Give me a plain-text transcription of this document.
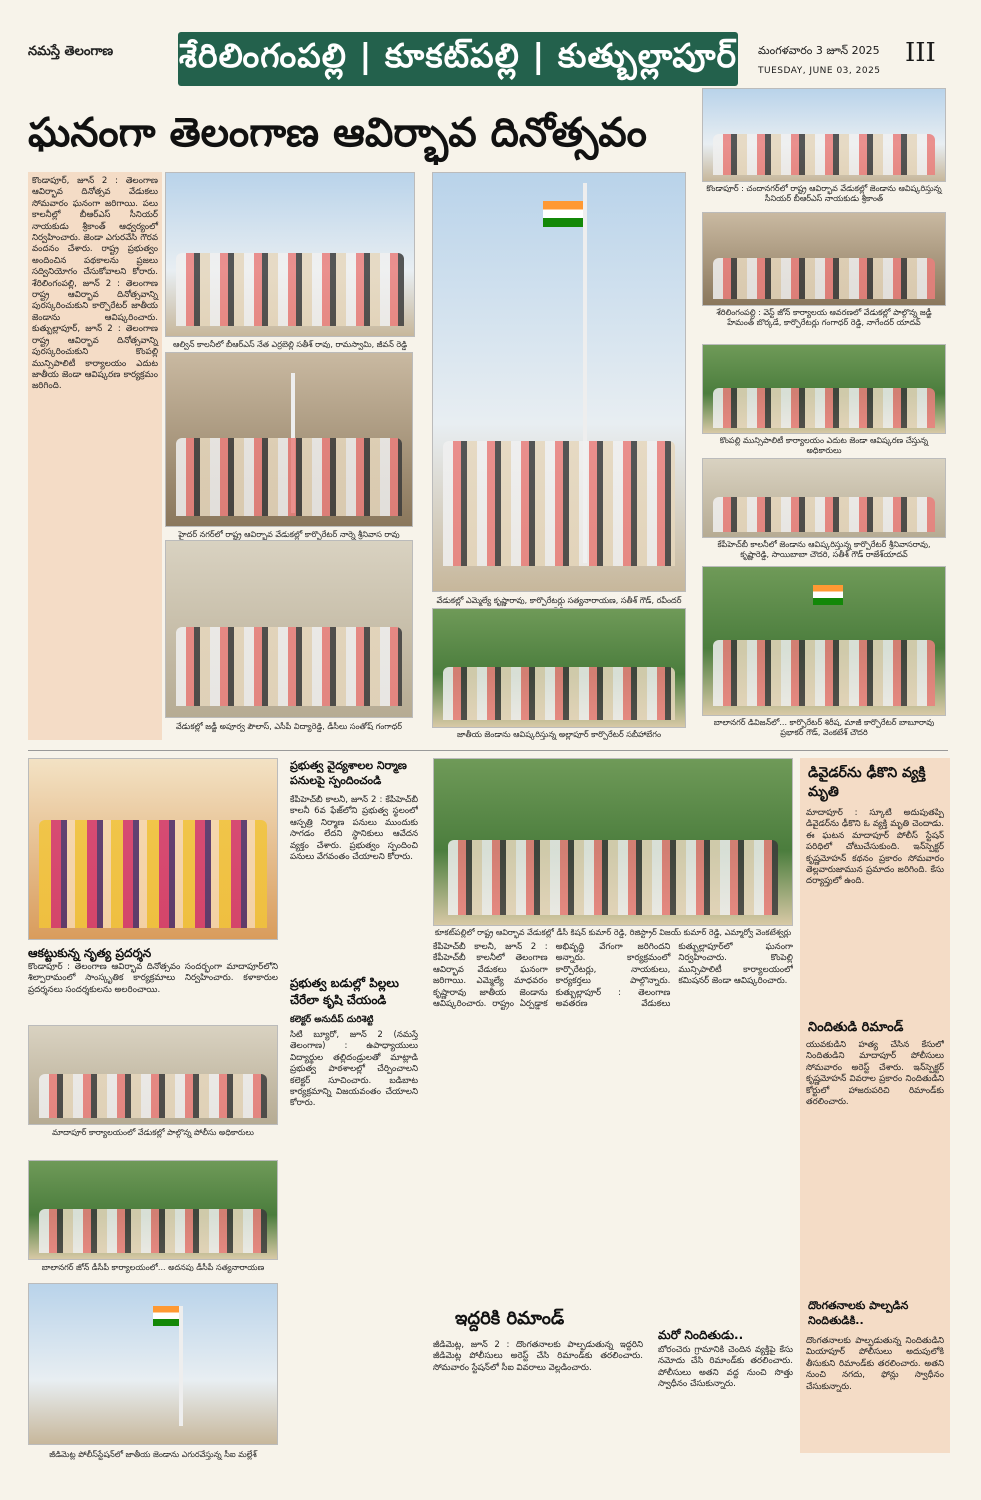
నమస్తే తెలంగాణ శేరిలింగంపల్లి | కూకట్‌పల్లి | కుత్బుల్లాపూర్ మంగళవారం 3 జూన్ 2025
TUESDAY, JUNE 03, 2025
III
ఘనంగా తెలంగాణ ఆవిర్భావ దినోత్సవం
కొండాపూర్, జూన్ 2 : తెలంగాణ ఆవిర్భావ దినోత్సవ వేడుకలు సోమవారం ఘనంగా జరిగాయి. పలు కాలనీల్లో బీఆర్‌ఎస్ సీనియర్ నాయకుడు శ్రీకాంత్ ఆధ్వర్యంలో నిర్వహించారు. జెండా ఎగురవేసి గౌరవ వందనం చేశారు. రాష్ట్ర ప్రభుత్వం అందించిన పథకాలను ప్రజలు సద్వినియోగం చేసుకోవాలని కోరారు. శేరిలింగంపల్లి, జూన్ 2 : తెలంగాణ రాష్ట్ర ఆవిర్భావ దినోత్సవాన్ని పురస్కరించుకుని కార్పొరేటర్ జాతీయ జెండాను ఆవిష్కరించారు. కుత్బుల్లాపూర్, జూన్ 2 : తెలంగాణ రాష్ట్ర ఆవిర్భావ దినోత్సవాన్ని పురస్కరించుకుని కొంపల్లి మున్సిపాలిటీ కార్యాలయం ఎదుట జాతీయ జెండా ఆవిష్కరణ కార్యక్రమం జరిగింది.
ఆల్విన్ కాలనీలో బీఆర్‌ఎస్ నేత ఎర్రబెల్లి సతీశ్ రావు, రామస్వామి, జీవన్ రెడ్డి
హైదర్ నగర్‌లో రాష్ట్ర ఆవిర్భావ వేడుకల్లో కార్పొరేటర్ నార్నె శ్రీనివాస రావు
వేడుకల్లో జడ్జీ అపూర్వ పౌలాస్, ఎసీపీ విద్యారెడ్డి, డీసీలు సంతోష్ గంగాధర్
వేడుకల్లో ఎమ్మెల్యే కృష్ణారావు, కార్పొరేటర్లు సత్యనారాయణ, సతీశ్ గౌడ్, రవీందర్
జాతీయ జెండాను ఆవిష్కరిస్తున్న అల్లాపూర్ కార్పొరేటర్ సబీహాబేగం
కొండాపూర్ : చందానగర్‌లో రాష్ట్ర ఆవిర్భావ వేడుకల్లో జెండాను ఆవిష్కరిస్తున్న సీనియర్ బీఆర్‌ఎస్ నాయకుడు శ్రీకాంత్
శేరిలింగంపల్లి : వెస్ట్ జోన్ కార్యాలయ ఆవరణలో వేడుకల్లో పాల్గొన్న జడ్జీ హేమంత్ బొర్కడే, కార్పొరేటర్లు గంగాధర్ రెడ్డి, నాగేందర్ యాదవ్
కొంపల్లి మున్సిపాలిటీ కార్యాలయం ఎదుట జెండా ఆవిష్కరణ చేస్తున్న అధికారులు
కేపీహెచ్‌బీ కాలనీలో జెండాను ఆవిష్కరిస్తున్న కార్పొరేటర్ శ్రీనివాసరావు, కృష్ణారెడ్డి, సాయిబాబా చౌదరి, సతీశ్ గౌడ్ రాజేశ్‌యాదవ్
బాలానగర్ డివిజన్‌లో... కార్పొరేటర్ శిరీష, మాజీ కార్పొరేటర్ బాబూరావు ప్రభాకర్ గౌడ్, వెంకటేశ్ చౌదరి
ఆకట్టుకున్న నృత్య ప్రదర్శన
కొండాపూర్ : తెలంగాణ ఆవిర్భావ దినోత్సవం సందర్భంగా మాదాపూర్‌లోని శిల్పారామంలో సాంస్కృతిక కార్యక్రమాలు నిర్వహించారు. కళాకారుల ప్రదర్శనలు సందర్శకులను అలరించాయి.
మాదాపూర్ కార్యాలయంలో వేడుకల్లో పాల్గొన్న పోలీసు అధికారులు
బాలానగర్ జోన్ డీసీపీ కార్యాలయంలో... అదనపు డీసీపీ సత్యనారాయణ
జీడిమెట్ల పోలీస్‌స్టేషన్‌లో జాతీయ జెండాను ఎగురవేస్తున్న సీఐ మల్లేశ్
ప్రభుత్వ వైద్యశాలల నిర్మాణ పనులపై స్పందించండి
కేపీహెచ్‌బీ కాలనీ, జూన్ 2 : కేపీహెచ్‌బీ కాలనీ 6వ ఫేజ్‌లోని ప్రభుత్వ స్థలంలో ఆస్పత్రి నిర్మాణ పనులు ముందుకు సాగడం లేదని స్థానికులు ఆవేదన వ్యక్తం చేశారు. ప్రభుత్వం స్పందించి పనులు వేగవంతం చేయాలని కోరారు.
ప్రభుత్వ బడుల్లో పిల్లలు చేరేలా కృషి చేయండి
కలెక్టర్ అనుదీప్ దురిశెట్టి
సిటీ బ్యూరో, జూన్ 2 (నమస్తే తెలంగాణ) : ఉపాధ్యాయులు విద్యార్థుల తల్లిదండ్రులతో మాట్లాడి ప్రభుత్వ పాఠశాలల్లో చేర్పించాలని కలెక్టర్ సూచించారు. బడిబాట కార్యక్రమాన్ని విజయవంతం చేయాలని కోరారు.
కూకట్‌పల్లిలో రాష్ట్ర ఆవిర్భావ వేడుకల్లో డీసీ కిషన్ కుమార్ రెడ్డి, రిజిస్ట్రార్ విజయ్ కుమార్ రెడ్డి, ఎమ్మార్వో వెంకటేశ్వర్లు
కేపీహెచ్‌బీ కాలనీ, జూన్ 2 : కేపీహెచ్‌బీ కాలనీలో తెలంగాణ ఆవిర్భావ వేడుకలు ఘనంగా జరిగాయి. ఎమ్మెల్యే మాధవరం కృష్ణారావు జాతీయ జెండాను ఆవిష్కరించారు. రాష్ట్రం ఏర్పడ్డాక అభివృద్ధి వేగంగా జరిగిందని అన్నారు. కార్యక్రమంలో కార్పొరేటర్లు, నాయకులు, కార్యకర్తలు పాల్గొన్నారు. కుత్బుల్లాపూర్ : తెలంగాణ అవతరణ వేడుకలు కుత్బుల్లాపూర్‌లో ఘనంగా నిర్వహించారు. కొంపెల్లి మున్సిపాలిటీ కార్యాలయంలో కమిషనర్ జెండా ఆవిష్కరించారు.
ఇద్దరికి రిమాండ్
జీడిమెట్ల, జూన్ 2 : దొంగతనాలకు పాల్పడుతున్న ఇద్దరిని జీడిమెట్ల పోలీసులు అరెస్ట్ చేసి రిమాండ్‌కు తరలించారు. సోమవారం స్టేషన్‌లో సీఐ వివరాలు వెల్లడించారు.
మరో నిందితుడు..
బోరంచెరు గ్రామానికి చెందిన వ్యక్తిపై కేసు నమోదు చేసి రిమాండ్‌కు తరలించారు. పోలీసులు అతని వద్ద నుంచి సొత్తు స్వాధీనం చేసుకున్నారు.
డివైడర్‌ను ఢీకొని వ్యక్తి మృతి
మాదాపూర్ : స్కూటీ అదుపుతప్పి డివైడర్‌ను ఢీకొని ఓ వ్యక్తి మృతి చెందాడు. ఈ ఘటన మాదాపూర్ పోలీస్ స్టేషన్ పరిధిలో చోటుచేసుకుంది. ఇన్‌స్పెక్టర్ కృష్ణమోహన్ కథనం ప్రకారం సోమవారం తెల్లవారుజామున ప్రమాదం జరిగింది. కేసు దర్యాప్తులో ఉంది.
నిందితుడి రిమాండ్
యువకుడిని హత్య చేసిన కేసులో నిందితుడిని మాదాపూర్ పోలీసులు సోమవారం అరెస్ట్ చేశారు. ఇన్‌స్పెక్టర్ కృష్ణమోహన్ వివరాల ప్రకారం నిందితుడిని కోర్టులో హాజరుపరిచి రిమాండ్‌కు తరలించారు.
దొంగతనాలకు పాల్పడిన నిందితుడికి..
దొంగతనాలకు పాల్పడుతున్న నిందితుడిని మియాపూర్ పోలీసులు అదుపులోకి తీసుకుని రిమాండ్‌కు తరలించారు. అతని నుంచి నగదు, ఫోన్లు స్వాధీనం చేసుకున్నారు.
